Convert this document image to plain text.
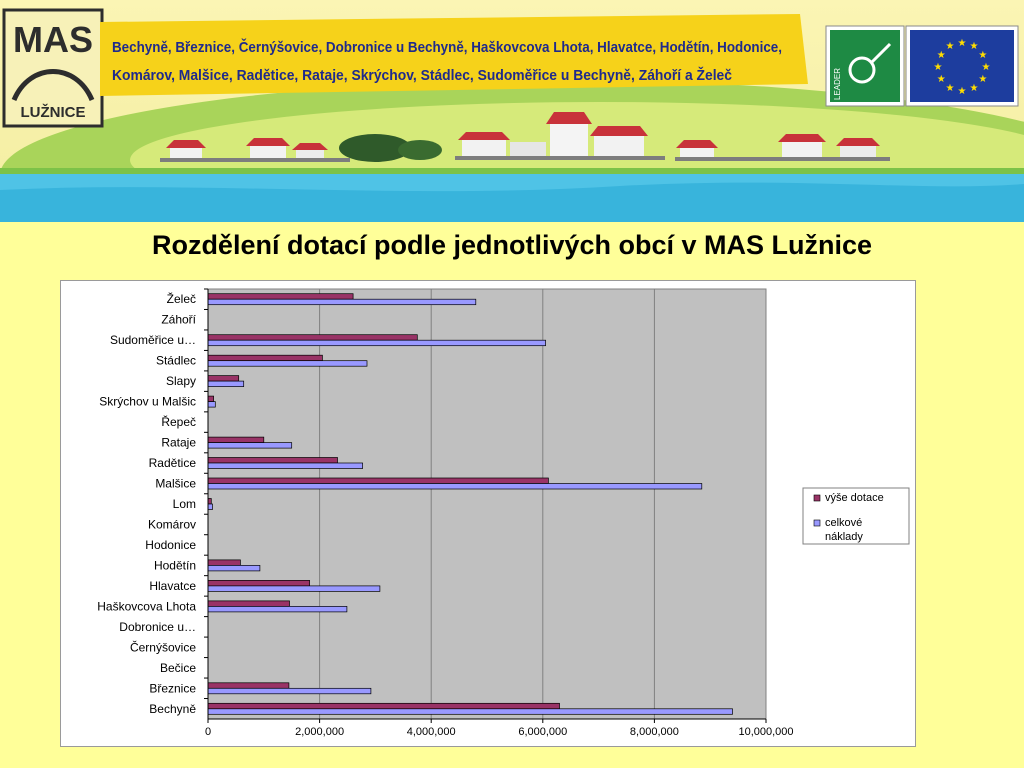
MAS
LUŽNICE
Bechyně, Březnice, Černýšovice, Dobronice u Bechyně, Haškovcova Lhota, Hlavatce, Hodětín, Hodonice,
Komárov, Malšice, Radětice, Rataje, Skrýchov, Stádlec, Sudoměřice u Bechyně, Záhoří a Želeč	LEADER
★ ★
★
★
★
★
★
★
★
★
★
★
Rozdělení dotací podle jednotlivých obcí v MAS Lužnice
Želeč
Záhoří
Sudoměřice u…
Stádlec
Slapy
Skrýchov u Malšic
Řepeč
Rataje
Radětice
Malšice
Lom
Komárov
Hodonice
Hodětín
Hlavatce
Haškovcova Lhota
Dobronice u…
Černýšovice
Bečice
Březnice
Bechyně
0	2,000,000	4,000,000	6,000,000	8,000,000	10,000,000
výše dotace
celkové
náklady
